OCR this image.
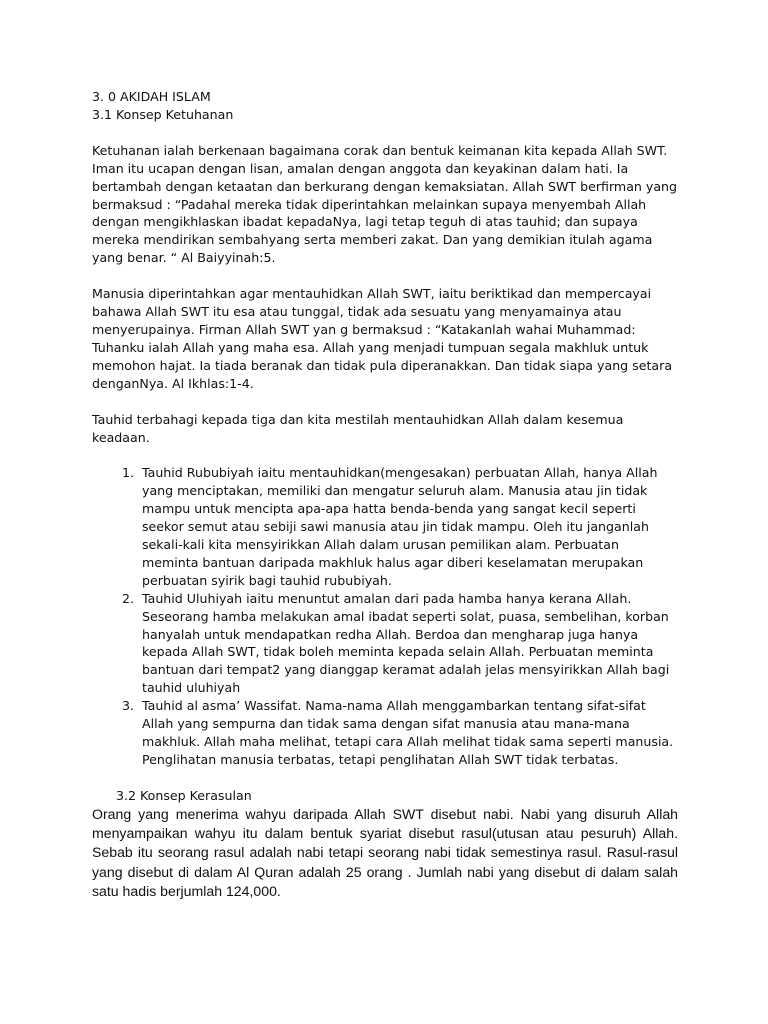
3. 0 AKIDAH ISLAM

3.1 Konsep Ketuhanan

Ketuhanan ialah berkenaan bagaimana corak dan bentuk keimanan kita kepada Allah SWT. Iman itu ucapan dengan lisan, amalan dengan anggota dan keyakinan dalam hati. Ia bertambah dengan ketaatan dan berkurang dengan kemaksiatan. Allah SWT berfirman yang bermaksud : “Padahal mereka tidak diperintahkan melainkan supaya menyembah Allah dengan mengikhlaskan ibadat kepadaNya, lagi tetap teguh di atas tauhid; dan supaya mereka mendirikan sembahyang serta memberi zakat. Dan yang demikian itulah agama yang benar. “ Al Baiyyinah:5.

Manusia diperintahkan agar mentauhidkan Allah SWT, iaitu beriktikad dan mempercayai bahawa Allah SWT itu esa atau tunggal, tidak ada sesuatu yang menyamainya atau menyerupainya. Firman Allah SWT yan g bermaksud : “Katakanlah wahai Muhammad: Tuhanku ialah Allah yang maha esa. Allah yang menjadi tumpuan segala makhluk untuk memohon hajat. Ia tiada beranak dan tidak pula diperanakkan. Dan tidak siapa yang setara denganNya. Al Ikhlas:1-4.

Tauhid terbahagi kepada tiga dan kita mestilah mentauhidkan Allah dalam kesemua keadaan.

1. Tauhid Rububiyah iaitu mentauhidkan(mengesakan) perbuatan Allah, hanya Allah yang menciptakan, memiliki dan mengatur seluruh alam. Manusia atau jin tidak mampu untuk mencipta apa-apa hatta benda-benda yang sangat kecil seperti seekor semut atau sebiji sawi manusia atau jin tidak mampu. Oleh itu janganlah sekali-kali kita mensyirikkan Allah dalam urusan pemilikan alam. Perbuatan meminta bantuan daripada makhluk halus agar diberi keselamatan merupakan perbuatan syirik bagi tauhid rububiyah.
2. Tauhid Uluhiyah iaitu menuntut amalan dari pada hamba hanya kerana Allah. Seseorang hamba melakukan amal ibadat seperti solat, puasa, sembelihan, korban hanyalah untuk mendapatkan redha Allah. Berdoa dan mengharap juga hanya kepada Allah SWT, tidak boleh meminta kepada selain Allah. Perbuatan meminta bantuan dari tempat2 yang dianggap keramat adalah jelas mensyirikkan Allah bagi tauhid uluhiyah
3. Tauhid al asma’ Wassifat. Nama-nama Allah menggambarkan tentang sifat-sifat Allah yang sempurna dan tidak sama dengan sifat manusia atau mana-mana makhluk. Allah maha melihat, tetapi cara Allah melihat tidak sama seperti manusia. Penglihatan manusia terbatas, tetapi penglihatan Allah SWT tidak terbatas.

3.2 Konsep Kerasulan

Orang yang menerima wahyu daripada Allah SWT disebut nabi. Nabi yang disuruh Allah menyampaikan wahyu itu dalam bentuk syariat disebut rasul(utusan atau pesuruh) Allah. Sebab itu seorang rasul adalah nabi tetapi seorang nabi tidak semestinya rasul. Rasul-rasul yang disebut di dalam Al Quran adalah 25 orang . Jumlah nabi yang disebut di dalam salah satu hadis berjumlah 124,000.
